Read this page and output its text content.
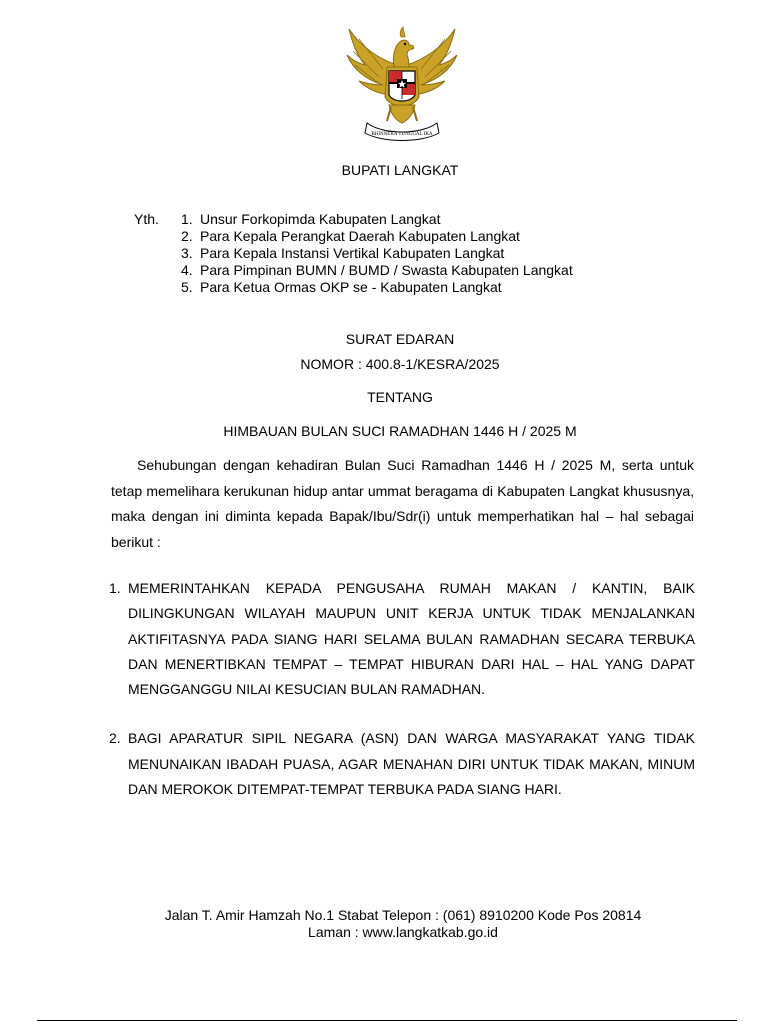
BHINNEKA TUNGGAL IKA
BUPATI LANGKAT
Yth. 1. Unsur Forkopimda Kabupaten Langkat
2. Para Kepala Perangkat Daerah Kabupaten Langkat
3. Para Kepala Instansi Vertikal Kabupaten Langkat
4. Para Pimpinan BUMN / BUMD / Swasta Kabupaten Langkat
5. Para Ketua Ormas OKP se - Kabupaten Langkat
SURAT EDARAN
NOMOR : 400.8-1/KESRA/2025
TENTANG
HIMBAUAN BULAN SUCI RAMADHAN 1446 H / 2025 M

Sehubungan dengan kehadiran Bulan Suci Ramadhan 1446 H / 2025 M, serta untuk tetap memelihara kerukunan hidup antar ummat beragama di Kabupaten Langkat khususnya, maka dengan ini diminta kepada Bapak/Ibu/Sdr(i) untuk memperhatikan hal – hal sebagai berikut :

1. MEMERINTAHKAN KEPADA PENGUSAHA RUMAH MAKAN / KANTIN, BAIK DILINGKUNGAN WILAYAH MAUPUN UNIT KERJA UNTUK TIDAK MENJALANKAN AKTIFITASNYA PADA SIANG HARI SELAMA BULAN RAMADHAN SECARA TERBUKA DAN MENERTIBKAN TEMPAT – TEMPAT HIBURAN DARI HAL – HAL YANG DAPAT MENGGANGGU NILAI KESUCIAN BULAN RAMADHAN.
2. BAGI APARATUR SIPIL NEGARA (ASN) DAN WARGA MASYARAKAT YANG TIDAK MENUNAIKAN IBADAH PUASA, AGAR MENAHAN DIRI UNTUK TIDAK MAKAN, MINUM DAN MEROKOK DITEMPAT-TEMPAT TERBUKA PADA SIANG HARI.
Jalan T. Amir Hamzah No.1 Stabat Telepon : (061) 8910200 Kode Pos 20814
Laman : www.langkatkab.go.id
